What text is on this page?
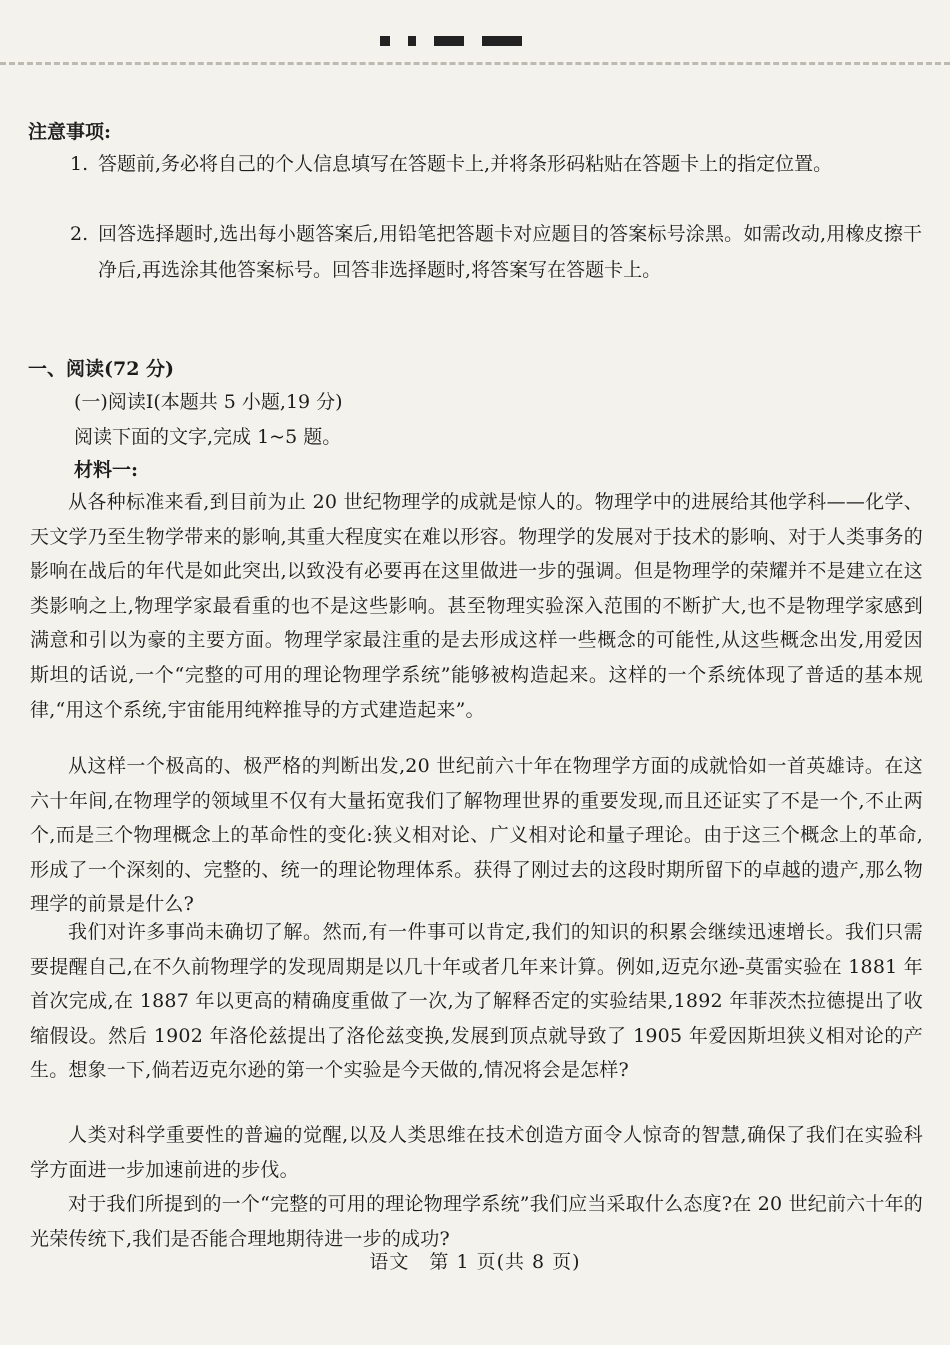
注意事项:
1. 答题前,务必将自己的个人信息填写在答题卡上,并将条形码粘贴在答题卡上的指定位置。
2. 回答选择题时,选出每小题答案后,用铅笔把答题卡对应题目的答案标号涂黑。如需改动,用橡皮擦干净后,再选涂其他答案标号。回答非选择题时,将答案写在答题卡上。
一、阅读(72 分)
(一)阅读Ⅰ(本题共 5 小题,19 分)
阅读下面的文字,完成 1~5 题。
材料一:

从各种标准来看,到目前为止 20 世纪物理学的成就是惊人的。物理学中的进展给其他学科——化学、天文学乃至生物学带来的影响,其重大程度实在难以形容。物理学的发展对于技术的影响、对于人类事务的影响在战后的年代是如此突出,以致没有必要再在这里做进一步的强调。但是物理学的荣耀并不是建立在这类影响之上,物理学家最看重的也不是这些影响。甚至物理实验深入范围的不断扩大,也不是物理学家感到满意和引以为豪的主要方面。物理学家最注重的是去形成这样一些概念的可能性,从这些概念出发,用爱因斯坦的话说,一个“完整的可用的理论物理学系统”能够被构造起来。这样的一个系统体现了普适的基本规律,“用这个系统,宇宙能用纯粹推导的方式建造起来”。

从这样一个极高的、极严格的判断出发,20 世纪前六十年在物理学方面的成就恰如一首英雄诗。在这六十年间,在物理学的领域里不仅有大量拓宽我们了解物理世界的重要发现,而且还证实了不是一个,不止两个,而是三个物理概念上的革命性的变化:狭义相对论、广义相对论和量子理论。由于这三个概念上的革命,形成了一个深刻的、完整的、统一的理论物理体系。获得了刚过去的这段时期所留下的卓越的遗产,那么物理学的前景是什么?

我们对许多事尚未确切了解。然而,有一件事可以肯定,我们的知识的积累会继续迅速增长。我们只需要提醒自己,在不久前物理学的发现周期是以几十年或者几年来计算。例如,迈克尔逊-莫雷实验在 1881 年首次完成,在 1887 年以更高的精确度重做了一次,为了解释否定的实验结果,1892 年菲茨杰拉德提出了收缩假设。然后 1902 年洛伦兹提出了洛伦兹变换,发展到顶点就导致了 1905 年爱因斯坦狭义相对论的产生。想象一下,倘若迈克尔逊的第一个实验是今天做的,情况将会是怎样?

人类对科学重要性的普遍的觉醒,以及人类思维在技术创造方面令人惊奇的智慧,确保了我们在实验科学方面进一步加速前进的步伐。

对于我们所提到的一个“完整的可用的理论物理学系统”我们应当采取什么态度?在 20 世纪前六十年的光荣传统下,我们是否能合理地期待进一步的成功?

语文　第 1 页(共 8 页)
